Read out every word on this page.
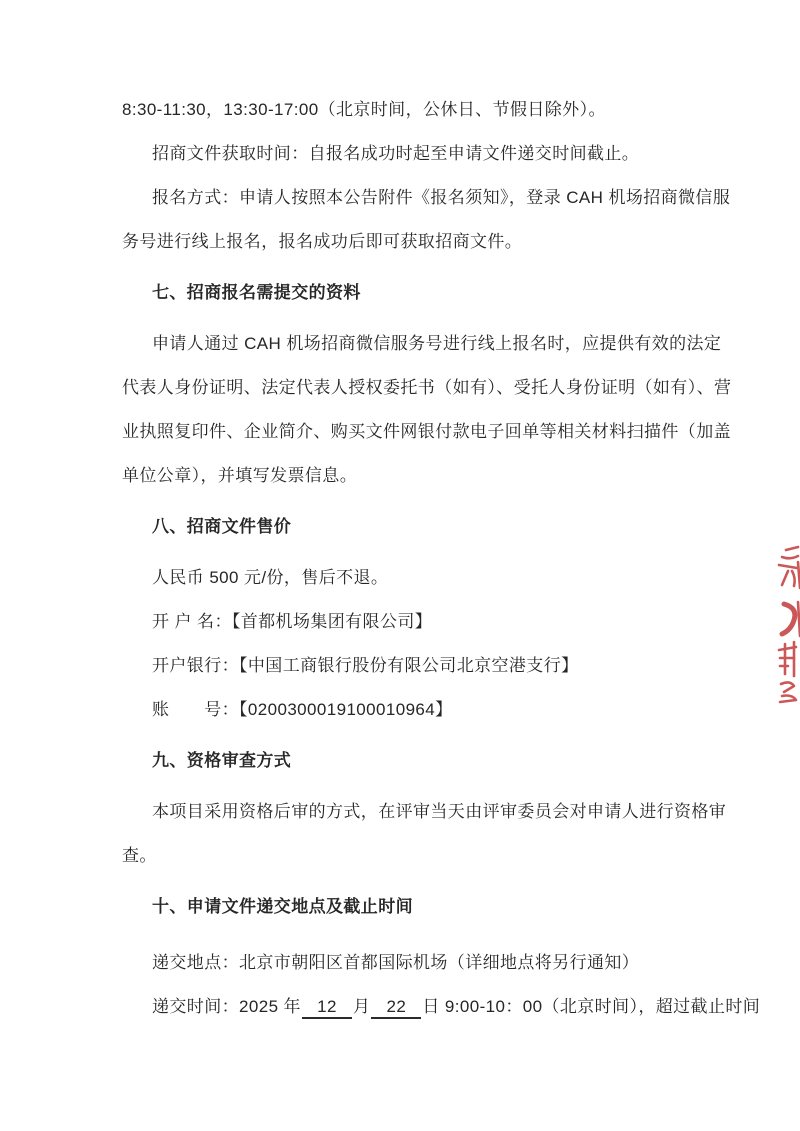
8:30-11:30，13:30-17:00（北京时间，公休日、节假日除外）。

招商文件获取时间：自报名成功时起至申请文件递交时间截止。

报名方式：申请人按照本公告附件《报名须知》，登录 CAH 机场招商微信服

务号进行线上报名，报名成功后即可获取招商文件。

七、招商报名需提交的资料

申请人通过 CAH 机场招商微信服务号进行线上报名时，应提供有效的法定

代表人身份证明、法定代表人授权委托书（如有）、受托人身份证明（如有）、营

业执照复印件、企业简介、购买文件网银付款电子回单等相关材料扫描件（加盖

单位公章），并填写发票信息。

八、招商文件售价

人民币 500 元/份，售后不退。

开 户 名：【首都机场集团有限公司】

开户银行：【中国工商银行股份有限公司北京空港支行】

账　　号：【0200300019100010964】

九、资格审查方式

本项目采用资格后审的方式，在评审当天由评审委员会对申请人进行资格审

查。

十、申请文件递交地点及截止时间

递交地点：北京市朝阳区首都国际机场（详细地点将另行通知）

递交时间：2025 年 12 月 22 日 9:00-10：00（北京时间），超过截止时间
